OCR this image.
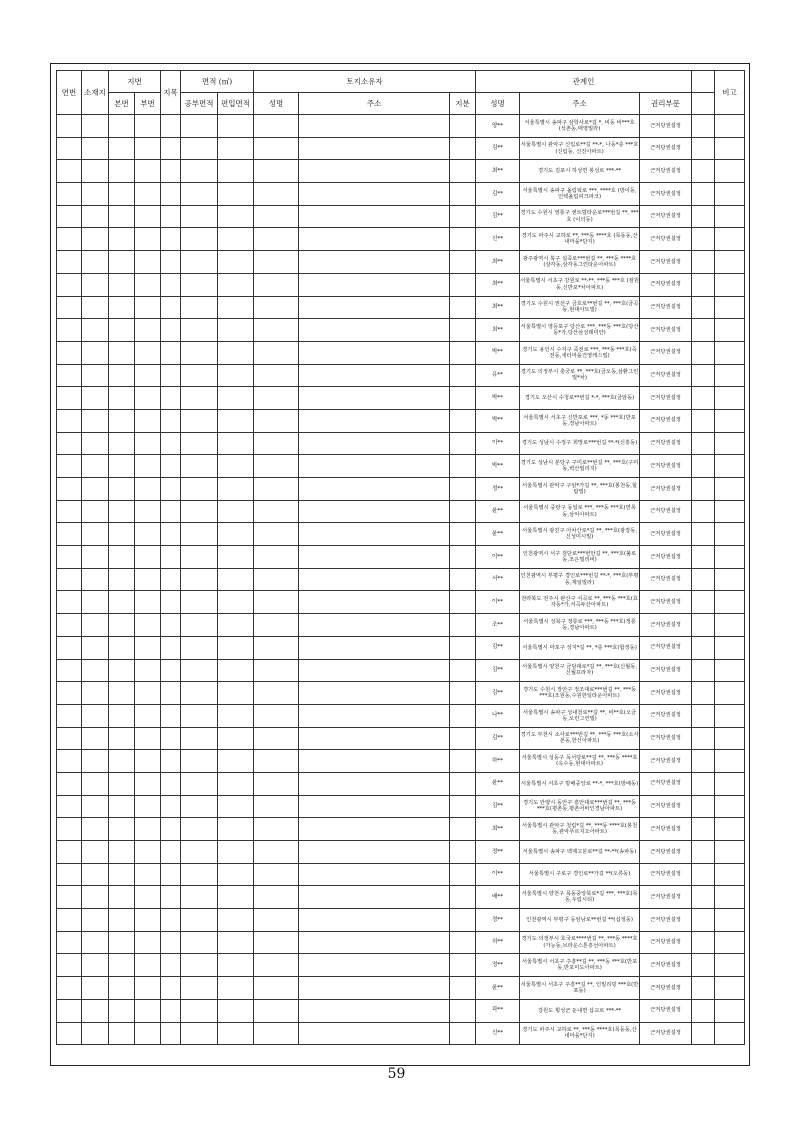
연번	소재지	지번		지목	면적 (㎡)		토지소유자			관계인				비고
		본번	부번		공부면적	편입면적	성명	주소	지분	성명	주소	권리부문		
										양**	서울특별시 송파구 삼학사로*길 *, 비동 비***호 (석촌동,태영빌라)	근저당권설정		
										김**	서울특별시 관악구 신림로**길 **-*, 나동*층 ***호 (신림동, 신진아파트)	근저당권설정		
										최**	경기도 김포시 하성면 봉성로 ***-**	근저당권설정		
										김**	서울특별시 송파구 올림픽로 ***, ****호 (방이동,인텍올림피크파크)	근저당권설정		
										김**	경기도 수원시 영통구 센트럴타운로***번길 **, ***호 (이의동)	근저당권설정		
										신**	경기도 파주시 교하로 **, ***동 ****호 (목동동,산내마을*단지)	근저당권설정		
										최**	광주광역시 북구 설죽로***번길 **, ***동 ****호 (삼각동,삼각동그린타운아파트)	근저당권설정		
										최**	서울특별시 서초구 강원로 **-**, ***동 ***호 (잠원동,신반포*차아파트)	근저당권설정		
										최**	경기도 수원시 권선구 금호로**번길 **, ***호(금곡동,현대아트빌)	근저당권설정		
										최**	서울특별시 영등포구 당산로 ***, ***동 ***호(당산동*가,당산삼성래미안)	근저당권설정		
										박**	경기도 용인시 수지구 죽전로 ***, ***동 ***호(죽전동,새터마을건영캐스빌)	근저당권설정		
										유**	경기도 의정부시 충궁로 **, ***호(금오동,삼환그린빌*차)	근저당권설정		
										박**	경기도 오산시 수청로**번길 *-*, ***호(금암동)	근저당권설정		
										박**	서울특별시 서초구 신반포로 ***, *동 ***호(반포동,경남아파트)	근저당권설정		
										이**	경기도 성남시 수정구 희망로***번길 **-*(신흥동)	근저당권설정		
										박**	경기도 성남시 분당구 구미로**번길 **, ***호(구미동,벽산빌리지)	근저당권설정		
										정**	서울특별시 관악구 구암*가길 **, ***호(봉천동,힐탑빌)	근저당권설정		
										윤**	서울특별시 중랑구 동일로 ***, ***동 ***호(면목동,삼익아파트)	근저당권설정		
										윤**	서울특별시 광진구 아차산로*길 **, ***호(광장동,신성미시빌)	근저당권설정		
										이**	인천광역시 서구 검단로***번안길 **, ***호(불로동,조은빌리비)	근저당권설정		
										서**	인천광역시 부평구 경인로***번길 **-*, ***호(부평동,제일빌라)	근저당권설정		
										이**	전라북도 전주시 완산구 서곡로 **, ***동 ***호(효자동*가,서곡두산아파트)	근저당권설정		
										조**	서울특별시 성북구 정릉로 ***, ***동 ***호(정릉동,경남아파트)	근저당권설정		
										김**	서울특별시 마포구 성지*길 **, *층 ***호(합정동)	근저당권설정		
										김**	서울특별시 양천구 금담대로*길 **, ***호(신월동,신월프라자)	근저당권설정		
										김**	경기도 수원시 장안구 정조대로***번길 **, ***동 ***호(조원동,수원한일타운아파트)	근저당권설정		
										나**	서울특별시 송파구 성내천로**길 **, 비**호(오금동,오린그린빌)	근저당권설정		
										김**	경기도 부천시 소사로***번길 **, ***동 ***호(소사본동,한신아파트)	근저당권설정		
										하**	서울특별시 성동구 독서당로**길 **, ***동 ****호(옥수동,현대아파트)	근저당권설정		
										윤**	서울특별시 서초구 방배중앙로 **-*, ***호(방배동)	근저당권설정		
										김**	경기도 안양시 동안구 흥안대로***번길 **, ***동 ***호(평촌동,평촌어바인경남아파트)	근저당권설정		
										최**	서울특별시 관악구 청림*길 **, ***동 ****호(봉천동,관악푸르지오아파트)	근저당권설정		
										정**	서울특별시 송파구 백제고분로**길 **-**(송파동)	근저당권설정		
										이**	서울특별시 구로구 경인로**가길 **(오류동)	근저당권설정		
										배**	서울특별시 양천구 목동중앙북로*길 ***, ***호(목동,우림시티)	근저당권설정		
										정**	인천광역시 부평구 동암남로**번길 **(십정동)	근저당권설정		
										허**	경기도 의정부시 호국로****번길 **, ***동 ****호(가능동,브라운스톤흥선아파트)	근저당권설정		
										정**	서울특별시 서초구 주흥**길 **, ***동 ***호(반포동,반포미도아파트)	근저당권설정		
										윤**	서울특별시 서초구 주흥**길 **, 인빌리빙 ***호(반포동)	근저당권설정		
										곽**	강원도 횡성군 둔내면 삽교로 ***-**	근저당권설정		
										신**	경기도 파주시 교하로 **, ***동 ****호(목동동,산내마을*단지)	근저당권설정		
59
